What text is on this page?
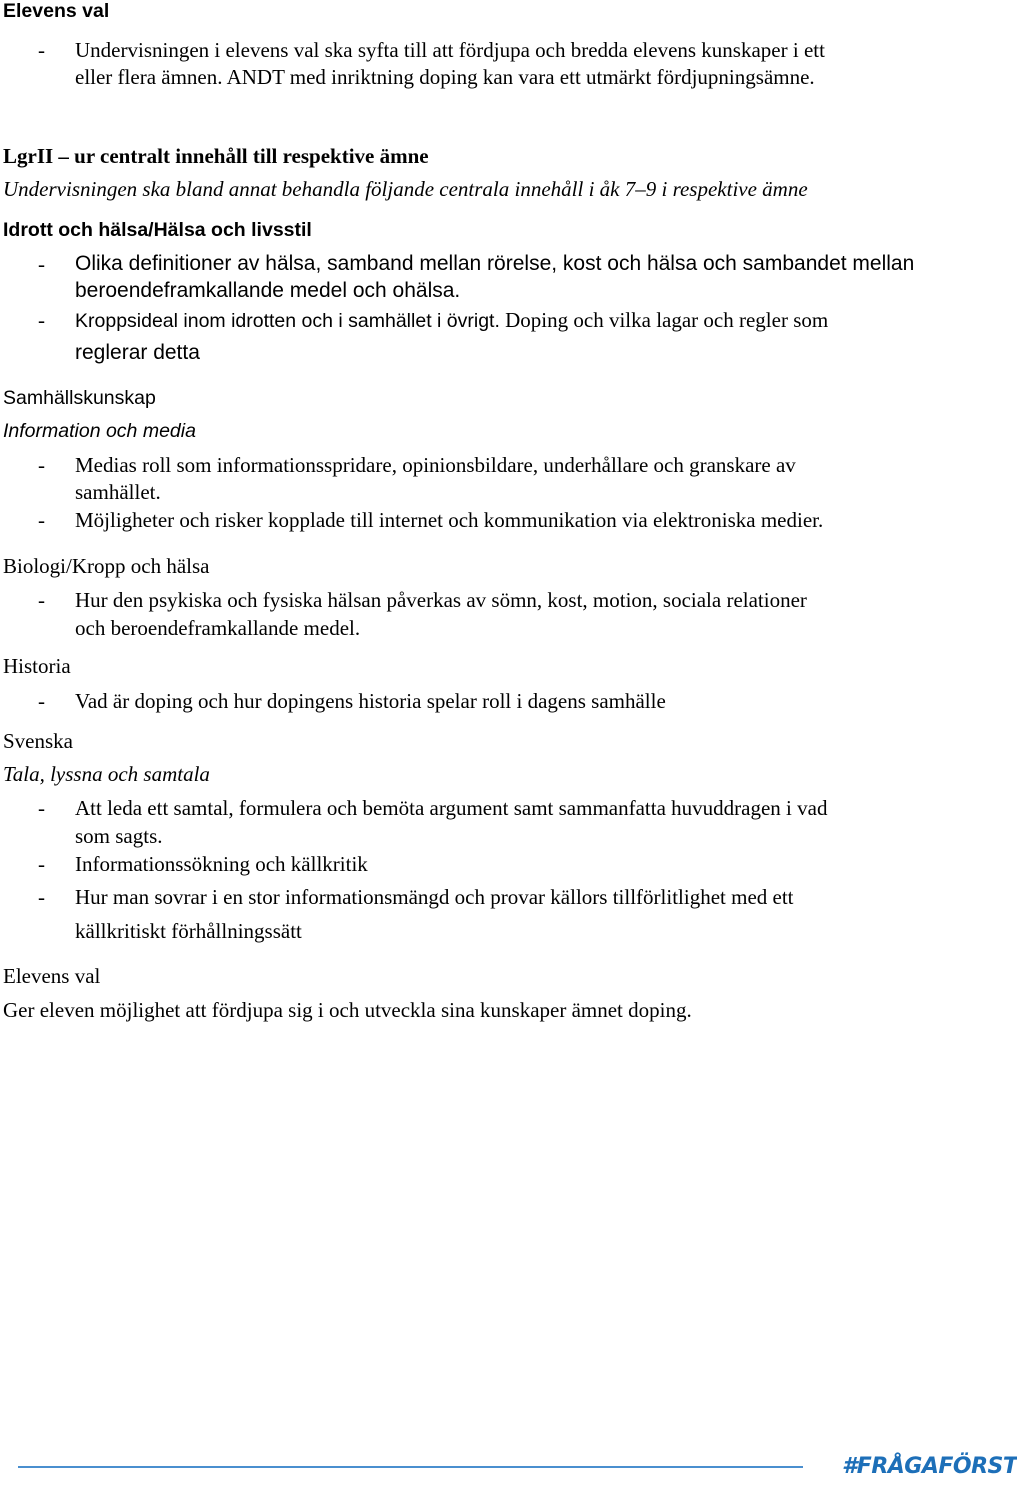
Elevens val
- Undervisningen i elevens val ska syfta till att fördjupa och bredda elevens kunskaper i ett
eller flera ämnen. ANDT med inriktning doping kan vara ett utmärkt fördjupningsämne.
LgrII – ur centralt innehåll till respektive ämne
Undervisningen ska bland annat behandla följande centrala innehåll i åk 7–9 i respektive ämne
Idrott och hälsa/Hälsa och livsstil
- Olika definitioner av hälsa, samband mellan rörelse, kost och hälsa och sambandet mellan
beroendeframkallande medel och ohälsa.
- Kroppsideal inom idrotten och i samhället i övrigt. Doping och vilka lagar och regler som
reglerar detta
Samhällskunskap
Information och media
- Medias roll som informationsspridare, opinionsbildare, underhållare och granskare av
samhället.
- Möjligheter och risker kopplade till internet och kommunikation via elektroniska medier.
Biologi/Kropp och hälsa
- Hur den psykiska och fysiska hälsan påverkas av sömn, kost, motion, sociala relationer
och beroendeframkallande medel.
Historia
- Vad är doping och hur dopingens historia spelar roll i dagens samhälle
Svenska
Tala, lyssna och samtala
- Att leda ett samtal, formulera och bemöta argument samt sammanfatta huvuddragen i vad
som sagts.
- Informationssökning och källkritik
- Hur man sovrar i en stor informationsmängd och provar källors tillförlitlighet med ett
källkritiskt förhållningssätt
Elevens val
Ger eleven möjlighet att fördjupa sig i och utveckla sina kunskaper ämnet doping.
#FRÅGAFÖRST
